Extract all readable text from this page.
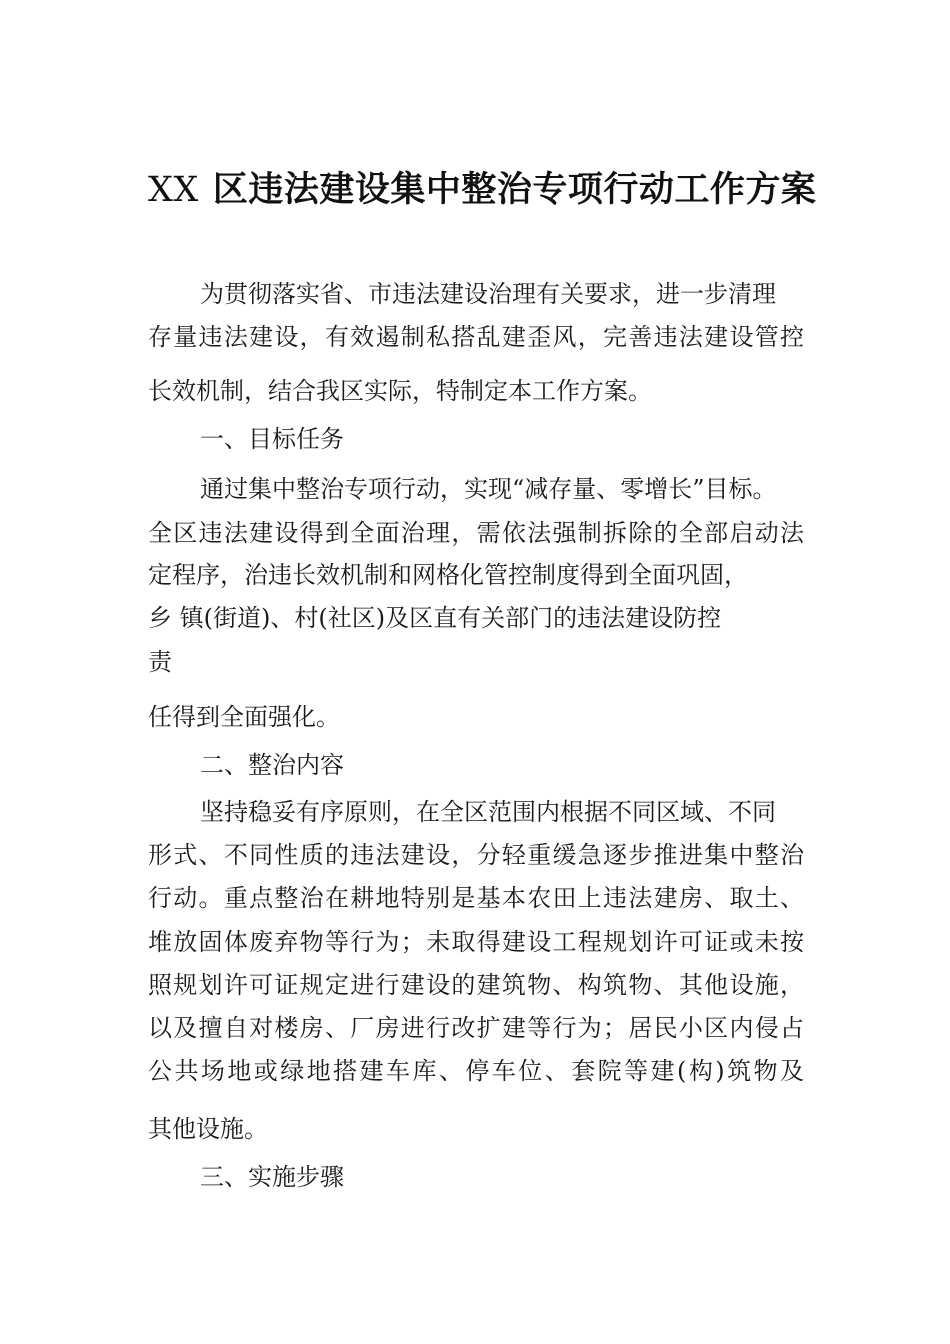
XX 区违法建设集中整治专项行动工作方案

为贯彻落实省、市违法建设治理有关要求，进一步清理

存量违法建设，有效遏制私搭乱建歪风，完善违法建设管控

长效机制，结合我区实际，特制定本工作方案。

一、目标任务

通过集中整治专项行动，实现“减存量、零增长”目标。

全区违法建设得到全面治理，需依法强制拆除的全部启动法

定程序，治违长效机制和网格化管控制度得到全面巩固，

乡 镇(街道)、村(社区)及区直有关部门的违法建设防控

责

任得到全面强化。

二、整治内容

坚持稳妥有序原则，在全区范围内根据不同区域、不同

形式、不同性质的违法建设，分轻重缓急逐步推进集中整治

行动。重点整治在耕地特别是基本农田上违法建房、取土、

堆放固体废弃物等行为；未取得建设工程规划许可证或未按

照规划许可证规定进行建设的建筑物、构筑物、其他设施，

以及擅自对楼房、厂房进行改扩建等行为；居民小区内侵占

公共场地或绿地搭建车库、停车位、套院等建(构)筑物及

其他设施。

三、实施步骤
